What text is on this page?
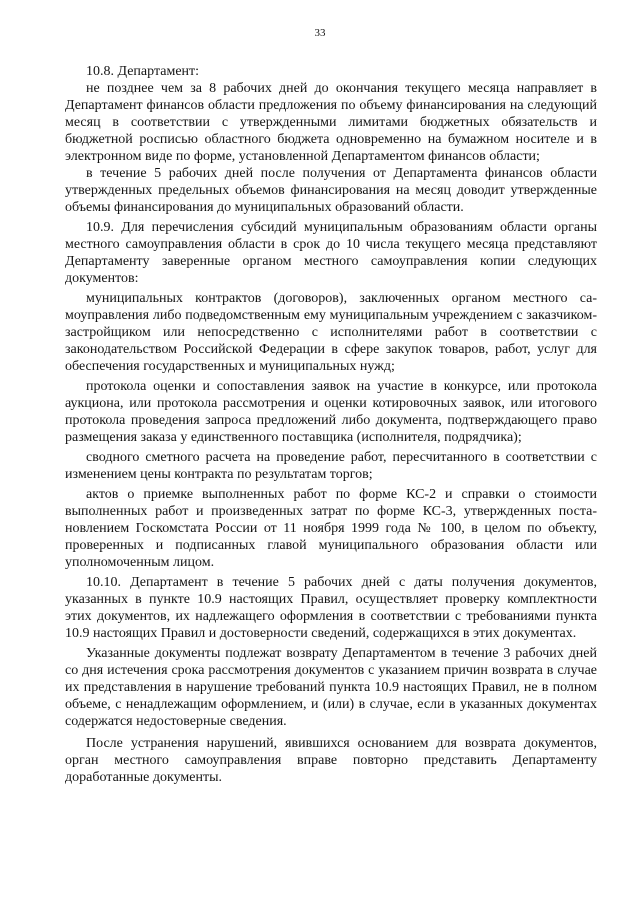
33

10.8. Департамент:

не позднее чем за 8 рабочих дней до окончания текущего месяца направляет в Департамент финансов области предложения по объему финансирования на следующий месяц в соответствии с утвержденными лимитами бюджетных обязательств и бюджетной росписью областного бюджета одновременно на бумажном носителе и в электронном виде по форме, установленной Департаментом финансов области;

в течение 5 рабочих дней после получения от Департамента финансов области утвержденных предельных объемов финансирования на месяц доводит утвержденные объемы финансирования до муниципальных образований области.

10.9. Для перечисления субсидий муниципальным образованиям области органы местного самоуправления области в срок до 10 числа текущего месяца представляют Департаменту заверенные органом местного самоуправления копии следующих документов:

муниципальных контрактов (договоров), заключенных органом местного самоуправления либо подведомственным ему муниципальным учреждением с заказчиком-застройщиком или непосредственно с исполнителями работ в соответствии с законодательством Российской Федерации в сфере закупок товаров, работ, услуг для обеспечения государственных и муниципальных нужд;

протокола оценки и сопоставления заявок на участие в конкурсе, или протокола аукциона, или протокола рассмотрения и оценки котировочных заявок, или итогового протокола проведения запроса предложений либо документа, подтверждающего право размещения заказа у единственного поставщика (исполнителя, подрядчика);

сводного сметного расчета на проведение работ, пересчитанного в соответствии с изменением цены контракта по результатам торгов;

актов о приемке выполненных работ по форме КС-2 и справки о стоимости выполненных работ и произведенных затрат по форме КС-3, утвержденных постановлением Госкомстата России от 11 ноября 1999 года № 100, в целом по объекту, проверенных и подписанных главой муниципального образования области или уполномоченным лицом.

10.10. Департамент в течение 5 рабочих дней с даты получения документов, указанных в пункте 10.9 настоящих Правил, осуществляет проверку комплектности этих документов, их надлежащего оформления в соответствии с требованиями пункта 10.9 настоящих Правил и достоверности сведений, содержащихся в этих документах.

Указанные документы подлежат возврату Департаментом в течение 3 рабочих дней со дня истечения срока рассмотрения документов с указанием причин возврата в случае их представления в нарушение требований пункта 10.9 настоящих Правил, не в полном объеме, с ненадлежащим оформлением, и (или) в случае, если в указанных документах содержатся недостоверные сведения.

После устранения нарушений, явившихся основанием для возврата документов, орган местного самоуправления вправе повторно представить Департаменту доработанные документы.
